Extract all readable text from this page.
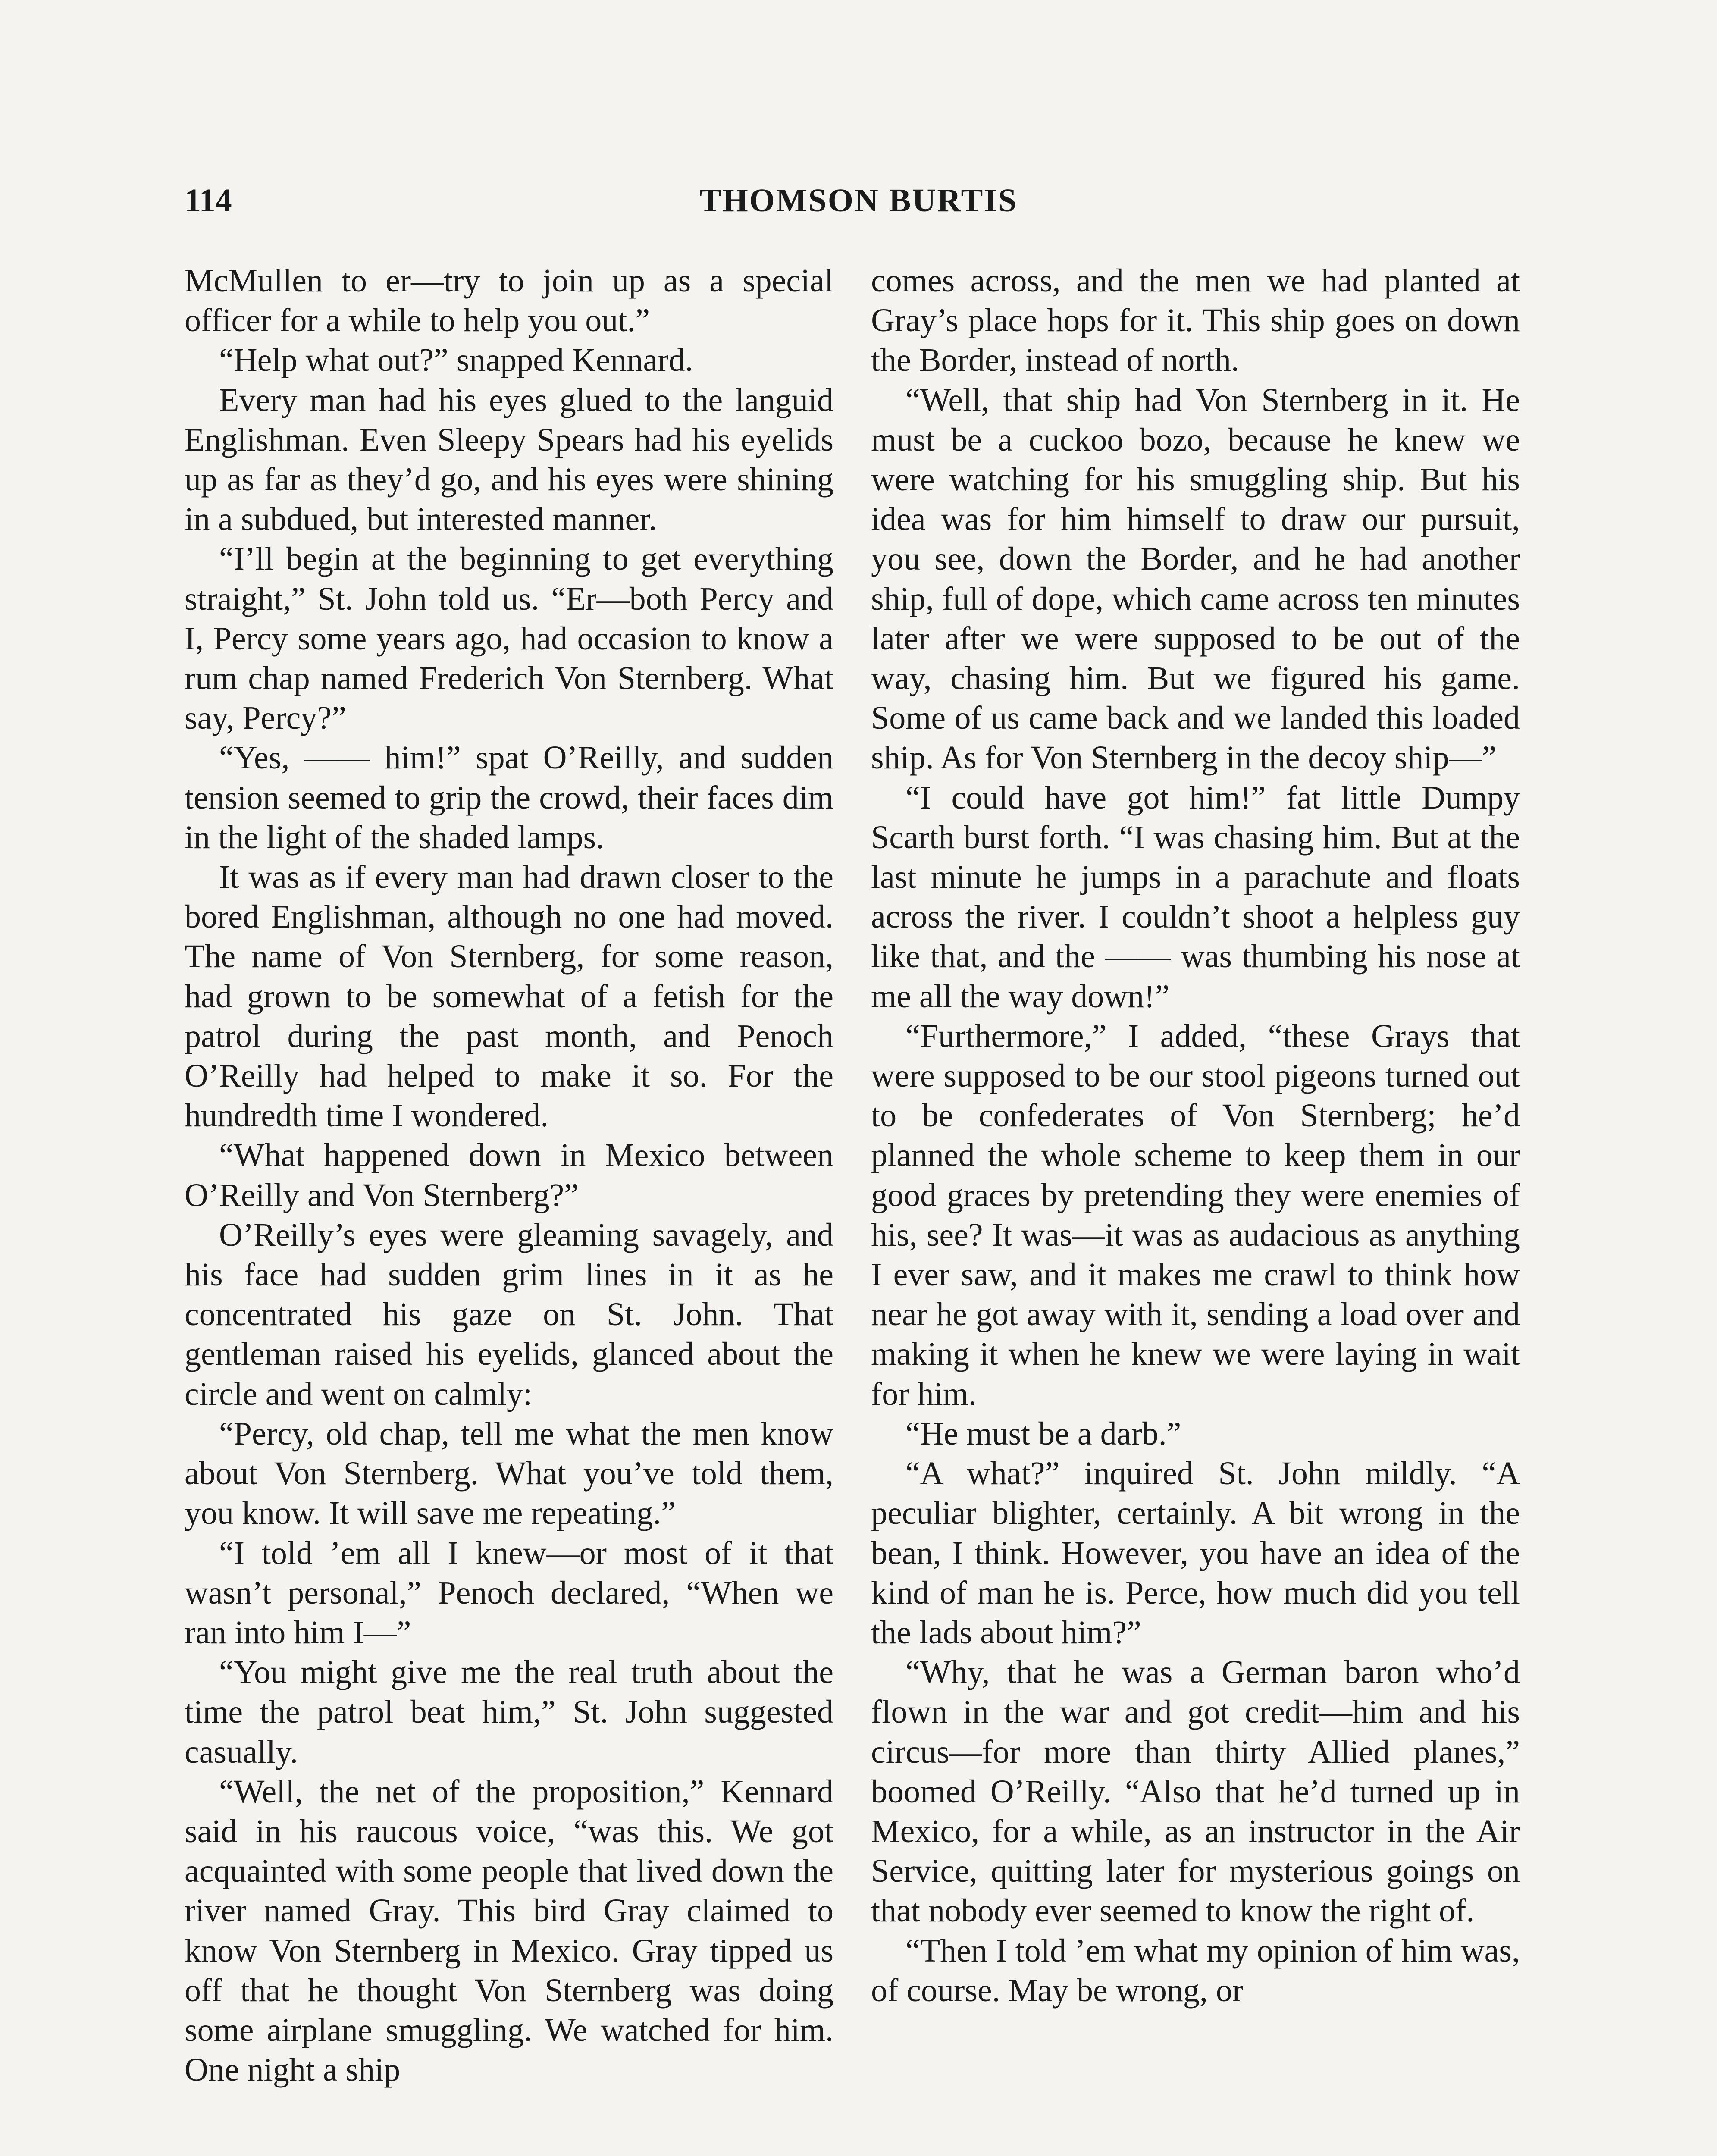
114	THOMSON BURTIS

McMullen to er—try to join up as a special officer for a while to help you out.”

“Help what out?” snapped Kennard.

Every man had his eyes glued to the languid Englishman. Even Sleepy Spears had his eyelids up as far as they’d go, and his eyes were shining in a subdued, but interested manner.

“I’ll begin at the beginning to get everything straight,” St. John told us. “Er—both Percy and I, Percy some years ago, had occasion to know a rum chap named Frederich Von Sternberg. What say, Percy?”

“Yes, —— him!” spat O’Reilly, and sudden tension seemed to grip the crowd, their faces dim in the light of the shaded lamps.

It was as if every man had drawn closer to the bored Englishman, although no one had moved. The name of Von Sternberg, for some reason, had grown to be somewhat of a fetish for the patrol during the past month, and Penoch O’Reilly had helped to make it so. For the hundredth time I wondered.

“What happened down in Mexico between O’Reilly and Von Sternberg?”

O’Reilly’s eyes were gleaming savagely, and his face had sudden grim lines in it as he concentrated his gaze on St. John. That gentleman raised his eyelids, glanced about the circle and went on calmly:

“Percy, old chap, tell me what the men know about Von Sternberg. What you’ve told them, you know. It will save me repeating.”

“I told ’em all I knew—or most of it that wasn’t personal,” Penoch declared, “When we ran into him I—”

“You might give me the real truth about the time the patrol beat him,” St. John suggested casually.

“Well, the net of the proposition,” Kennard said in his raucous voice, “was this. We got acquainted with some people that lived down the river named Gray. This bird Gray claimed to know Von Sternberg in Mexico. Gray tipped us off that he thought Von Sternberg was doing some airplane smuggling. We watched for him. One night a ship

comes across, and the men we had planted at Gray’s place hops for it. This ship goes on down the Border, instead of north.

“Well, that ship had Von Sternberg in it. He must be a cuckoo bozo, because he knew we were watching for his smuggling ship. But his idea was for him himself to draw our pursuit, you see, down the Border, and he had another ship, full of dope, which came across ten minutes later after we were supposed to be out of the way, chasing him. But we figured his game. Some of us came back and we landed this loaded ship. As for Von Sternberg in the decoy ship—”

“I could have got him!” fat little Dumpy Scarth burst forth. “I was chasing him. But at the last minute he jumps in a parachute and floats across the river. I couldn’t shoot a helpless guy like that, and the —— was thumbing his nose at me all the way down!”

“Furthermore,” I added, “these Grays that were supposed to be our stool pigeons turned out to be confederates of Von Sternberg; he’d planned the whole scheme to keep them in our good graces by pretending they were enemies of his, see? It was—it was as audacious as anything I ever saw, and it makes me crawl to think how near he got away with it, sending a load over and making it when he knew we were laying in wait for him.

“He must be a darb.”

“A what?” inquired St. John mildly. “A peculiar blighter, certainly. A bit wrong in the bean, I think. However, you have an idea of the kind of man he is. Perce, how much did you tell the lads about him?”

“Why, that he was a German baron who’d flown in the war and got credit—him and his circus—for more than thirty Allied planes,” boomed O’Reilly. “Also that he’d turned up in Mexico, for a while, as an instructor in the Air Service, quitting later for mysterious goings on that nobody ever seemed to know the right of.

“Then I told ’em what my opinion of him was, of course. May be wrong, or
